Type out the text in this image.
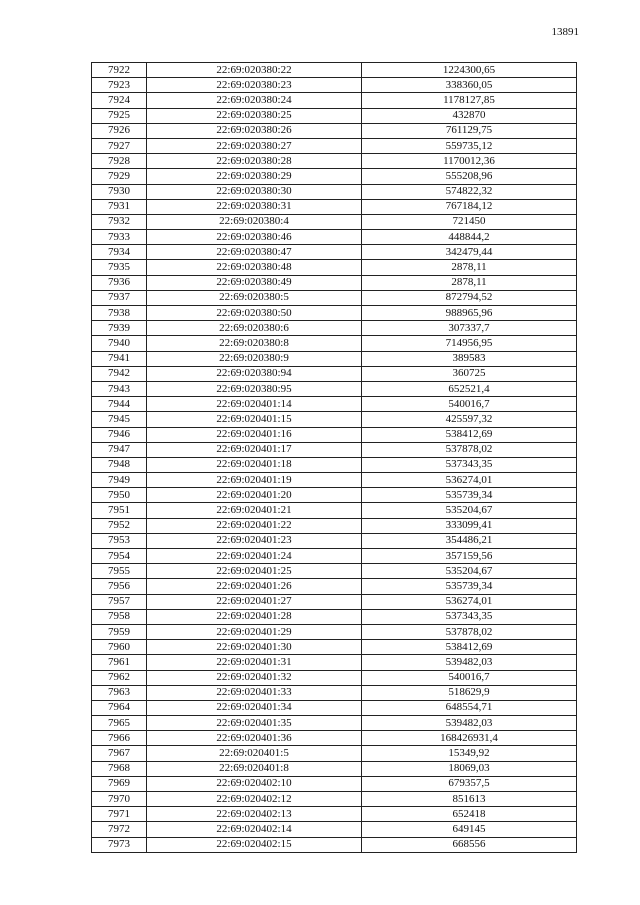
13891
7922	22:69:020380:22	1224300,65
7923	22:69:020380:23	338360,05
7924	22:69:020380:24	1178127,85
7925	22:69:020380:25	432870
7926	22:69:020380:26	761129,75
7927	22:69:020380:27	559735,12
7928	22:69:020380:28	1170012,36
7929	22:69:020380:29	555208,96
7930	22:69:020380:30	574822,32
7931	22:69:020380:31	767184,12
7932	22:69:020380:4	721450
7933	22:69:020380:46	448844,2
7934	22:69:020380:47	342479,44
7935	22:69:020380:48	2878,11
7936	22:69:020380:49	2878,11
7937	22:69:020380:5	872794,52
7938	22:69:020380:50	988965,96
7939	22:69:020380:6	307337,7
7940	22:69:020380:8	714956,95
7941	22:69:020380:9	389583
7942	22:69:020380:94	360725
7943	22:69:020380:95	652521,4
7944	22:69:020401:14	540016,7
7945	22:69:020401:15	425597,32
7946	22:69:020401:16	538412,69
7947	22:69:020401:17	537878,02
7948	22:69:020401:18	537343,35
7949	22:69:020401:19	536274,01
7950	22:69:020401:20	535739,34
7951	22:69:020401:21	535204,67
7952	22:69:020401:22	333099,41
7953	22:69:020401:23	354486,21
7954	22:69:020401:24	357159,56
7955	22:69:020401:25	535204,67
7956	22:69:020401:26	535739,34
7957	22:69:020401:27	536274,01
7958	22:69:020401:28	537343,35
7959	22:69:020401:29	537878,02
7960	22:69:020401:30	538412,69
7961	22:69:020401:31	539482,03
7962	22:69:020401:32	540016,7
7963	22:69:020401:33	518629,9
7964	22:69:020401:34	648554,71
7965	22:69:020401:35	539482,03
7966	22:69:020401:36	168426931,4
7967	22:69:020401:5	15349,92
7968	22:69:020401:8	18069,03
7969	22:69:020402:10	679357,5
7970	22:69:020402:12	851613
7971	22:69:020402:13	652418
7972	22:69:020402:14	649145
7973	22:69:020402:15	668556
